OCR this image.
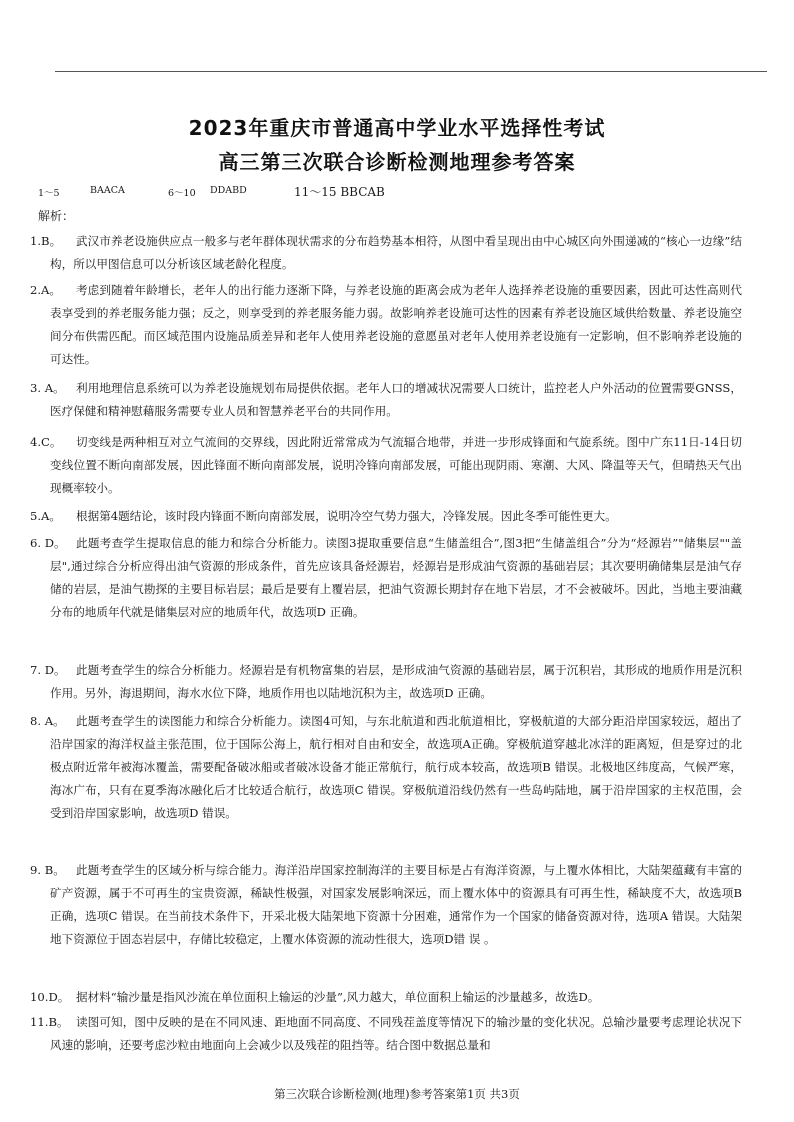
2023年重庆市普通高中学业水平选择性考试
高三第三次联合诊断检测地理参考答案
1～5	BAACA	6～10 DDABD	11～15 BBCAB
解析：
1.B。	武汉市养老设施供应点一般多与老年群体现状需求的分布趋势基本相符，从图中看呈现出由中心城区向外围递减的“核心一边缘”结构，所以甲图信息可以分析该区域老龄化程度。
2.A。	考虑到随着年龄增长，老年人的出行能力逐渐下降，与养老设施的距离会成为老年人选择养老设施的重要因素，因此可达性高则代表享受到的养老服务能力强；反之，则享受到的养老服务能力弱。故影响养老设施可达性的因素有养老设施区域供给数量、养老设施空间分布供需匹配。而区域范围内设施品质差异和老年人使用养老设施的意愿虽对老年人使用养老设施有一定影响，但不影响养老设施的可达性。
3. A。 利用地理信息系统可以为养老设施规划布局提供依据。老年人口的增减状况需要人口统计，监控老人户外活动的位置需要GNSS， 医疗保健和精神慰藉服务需要专业人员和智慧养老平台的共同作用。
4.C。	切变线是两种相互对立气流间的交界线，因此附近常常成为气流辐合地带，并进一步形成锋面和气旋系统。图中广东11日-14日切变线位置不断向南部发展，因此锋面不断向南部发展，说明冷锋向南部发展，可能出现阴雨、寒潮、大风、降温等天气，但晴热天气出现概率较小。
5.A。	根据第4题结论，该时段内锋面不断向南部发展，说明冷空气势力强大，冷锋发展。因此冬季可能性更大。
6. D。 此题考查学生提取信息的能力和综合分析能力。读图3提取重要信息“生储盖组合”,图3把“生储盖组合”分为“烃源岩”"储集层""盖层",通过综合分析应得出油气资源的形成条件，首先应该具备烃源岩，烃源岩是形成油气资源的基础岩层；其次要明确储集层是油气存储的岩层，是油气勘探的主要目标岩层；最后是要有上覆岩层，把油气资源长期封存在地下岩层，才不会被破坏。因此，当地主要油藏分布的地质年代就是储集层对应的地质年代，故选项D 正确。
7. D。 此题考查学生的综合分析能力。烃源岩是有机物富集的岩层，是形成油气资源的基础岩层，属于沉积岩，其形成的地质作用是沉积作用。另外，海退期间，海水水位下降，地质作用也以陆地沉积为主，故选项D 正确。
8. A。 此题考查学生的读图能力和综合分析能力。读图4可知，与东北航道和西北航道相比，穿极航道的大部分距沿岸国家较远，超出了沿岸国家的海洋权益主张范围，位于国际公海上，航行相对自由和安全，故选项A正确。穿极航道穿越北冰洋的距离短，但是穿过的北极点附近常年被海冰覆盖，需要配备破冰船或者破冰设备才能正常航行，航行成本较高，故选项B 错误。北极地区纬度高，气候严寒，海冰广布，只有在夏季海冰融化后才比较适合航行，故选项C 错误。穿极航道沿线仍然有一些岛屿陆地，属于沿岸国家的主权范围，会受到沿岸国家影响，故选项D 错误。
9. B。 此题考查学生的区域分析与综合能力。海洋沿岸国家控制海洋的主要目标是占有海洋资源，与上覆水体相比，大陆架蕴藏有丰富的矿产资源，属于不可再生的宝贵资源，稀缺性极强，对国家发展影响深远，而上覆水体中的资源具有可再生性，稀缺度不大，故选项B正确，选项C 错误。在当前技术条件下，开采北极大陆架地下资源十分困难，通常作为一个国家的储备资源对待，选项A 错误。大陆架地下资源位于固态岩层中，存储比较稳定，上覆水体资源的流动性很大，选项D错 误 。
10.D。 据材料“输沙量是指风沙流在单位面积上输运的沙量”,风力越大，单位面积上输运的沙量越多，故选D。
11.B。 读图可知，图中反映的是在不同风速、距地面不同高度、不同残茬盖度等情况下的输沙量的变化状况。总输沙量要考虑理论状况下风速的影响，还要考虑沙粒由地面向上会减少以及残茬的阻挡等。结合图中数据总量和
第三次联合诊断检测(地理)参考答案第1页 共3页
